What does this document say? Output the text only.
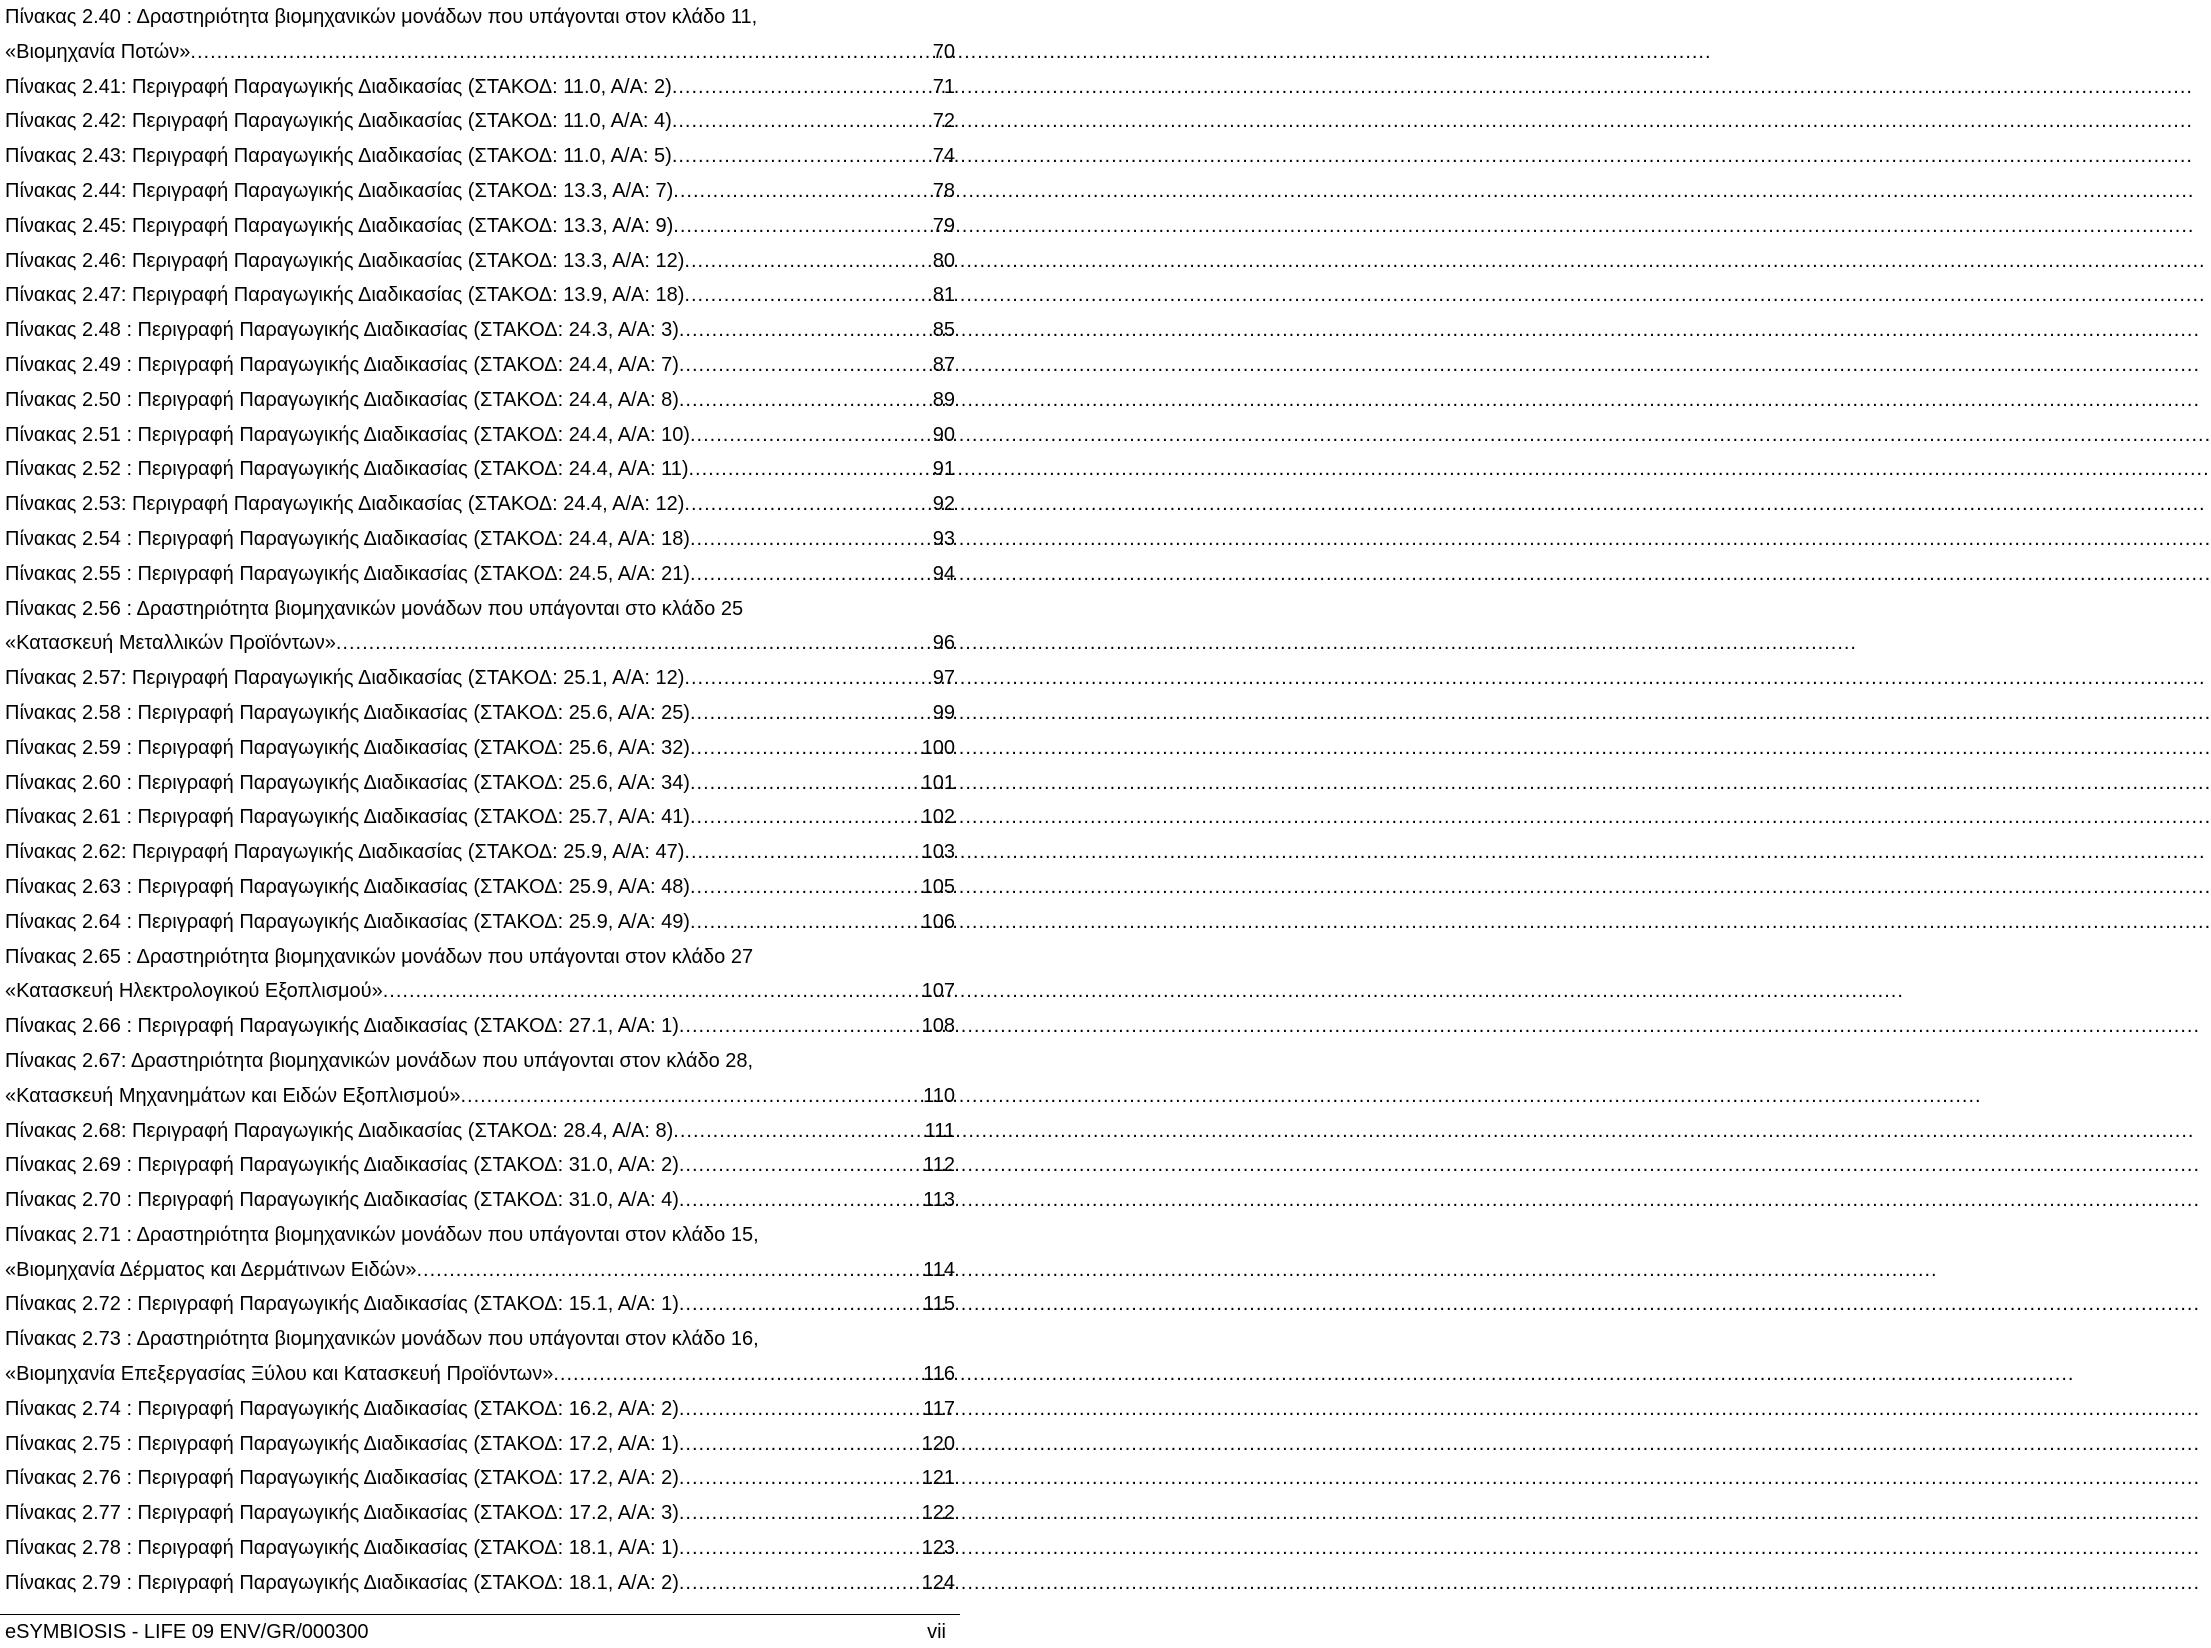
Πίνακας 2.40 : Δραστηριότητα βιομηχανικών μονάδων που υπάγονται στον κλάδο 11,
«Βιομηχανία Ποτών» .....	70
Πίνακας 2.41: Περιγραφή Παραγωγικής Διαδικασίας (ΣΤΑΚΟΔ: 11.0, Α/Α: 2) .....	71
Πίνακας 2.42: Περιγραφή Παραγωγικής Διαδικασίας (ΣΤΑΚΟΔ: 11.0, Α/Α: 4) .....	72
Πίνακας 2.43: Περιγραφή Παραγωγικής Διαδικασίας (ΣΤΑΚΟΔ: 11.0, Α/Α: 5) .....	74
Πίνακας 2.44: Περιγραφή Παραγωγικής Διαδικασίας (ΣΤΑΚΟΔ: 13.3, Α/Α: 7) .....	78
Πίνακας 2.45: Περιγραφή Παραγωγικής Διαδικασίας (ΣΤΑΚΟΔ: 13.3, Α/Α: 9) .....	79
Πίνακας 2.46: Περιγραφή Παραγωγικής Διαδικασίας (ΣΤΑΚΟΔ: 13.3, Α/Α: 12) .....	80
Πίνακας 2.47: Περιγραφή Παραγωγικής Διαδικασίας (ΣΤΑΚΟΔ: 13.9, Α/Α: 18) .....	81
Πίνακας 2.48 : Περιγραφή Παραγωγικής Διαδικασίας (ΣΤΑΚΟΔ: 24.3, Α/Α: 3) .....	85
Πίνακας 2.49 : Περιγραφή Παραγωγικής Διαδικασίας (ΣΤΑΚΟΔ: 24.4, Α/Α: 7) .....	87
Πίνακας 2.50 : Περιγραφή Παραγωγικής Διαδικασίας (ΣΤΑΚΟΔ: 24.4, Α/Α: 8) .....	89
Πίνακας 2.51 : Περιγραφή Παραγωγικής Διαδικασίας (ΣΤΑΚΟΔ: 24.4, Α/Α: 10) .....	90
Πίνακας 2.52 : Περιγραφή Παραγωγικής Διαδικασίας (ΣΤΑΚΟΔ: 24.4, Α/Α: 11) .....	91
Πίνακας 2.53: Περιγραφή Παραγωγικής Διαδικασίας (ΣΤΑΚΟΔ: 24.4, Α/Α: 12) .....	92
Πίνακας 2.54 : Περιγραφή Παραγωγικής Διαδικασίας (ΣΤΑΚΟΔ: 24.4, Α/Α: 18) .....	93
Πίνακας 2.55 : Περιγραφή Παραγωγικής Διαδικασίας (ΣΤΑΚΟΔ: 24.5, Α/Α: 21) .....	94
Πίνακας 2.56 : Δραστηριότητα βιομηχανικών μονάδων που υπάγονται στο κλάδο 25
«Κατασκευή Μεταλλικών Προϊόντων» .....	96
Πίνακας 2.57: Περιγραφή Παραγωγικής Διαδικασίας (ΣΤΑΚΟΔ: 25.1, Α/Α: 12) .....	97
Πίνακας 2.58 : Περιγραφή Παραγωγικής Διαδικασίας (ΣΤΑΚΟΔ: 25.6, Α/Α: 25) .....	99
Πίνακας 2.59 : Περιγραφή Παραγωγικής Διαδικασίας (ΣΤΑΚΟΔ: 25.6, Α/Α: 32) .....	100
Πίνακας 2.60 : Περιγραφή Παραγωγικής Διαδικασίας (ΣΤΑΚΟΔ: 25.6, Α/Α: 34) .....	101
Πίνακας 2.61 : Περιγραφή Παραγωγικής Διαδικασίας (ΣΤΑΚΟΔ: 25.7, Α/Α: 41) .....	102
Πίνακας 2.62: Περιγραφή Παραγωγικής Διαδικασίας (ΣΤΑΚΟΔ: 25.9, Α/Α: 47) .....	103
Πίνακας 2.63 : Περιγραφή Παραγωγικής Διαδικασίας (ΣΤΑΚΟΔ: 25.9, Α/Α: 48) .....	105
Πίνακας 2.64 : Περιγραφή Παραγωγικής Διαδικασίας (ΣΤΑΚΟΔ: 25.9, Α/Α: 49) .....	106
Πίνακας 2.65 : Δραστηριότητα βιομηχανικών μονάδων που υπάγονται στον κλάδο 27
«Κατασκευή Ηλεκτρολογικού Εξοπλισμού» .....	107
Πίνακας 2.66 : Περιγραφή Παραγωγικής Διαδικασίας (ΣΤΑΚΟΔ: 27.1, Α/Α: 1) .....	108
Πίνακας 2.67: Δραστηριότητα βιομηχανικών μονάδων που υπάγονται στον κλάδο 28,
«Κατασκευή Μηχανημάτων και Ειδών Εξοπλισμού» .....	110
Πίνακας 2.68: Περιγραφή Παραγωγικής Διαδικασίας (ΣΤΑΚΟΔ: 28.4, Α/Α: 8) .....	111
Πίνακας 2.69 : Περιγραφή Παραγωγικής Διαδικασίας (ΣΤΑΚΟΔ: 31.0, Α/Α: 2) .....	112
Πίνακας 2.70 : Περιγραφή Παραγωγικής Διαδικασίας (ΣΤΑΚΟΔ: 31.0, Α/Α: 4) .....	113
Πίνακας 2.71 : Δραστηριότητα βιομηχανικών μονάδων που υπάγονται στον κλάδο 15,
«Βιομηχανία Δέρματος και Δερμάτινων Ειδών» .....	114
Πίνακας 2.72 : Περιγραφή Παραγωγικής Διαδικασίας (ΣΤΑΚΟΔ: 15.1, Α/Α: 1) .....	115
Πίνακας 2.73 : Δραστηριότητα βιομηχανικών μονάδων που υπάγονται στον κλάδο 16,
«Βιομηχανία Επεξεργασίας Ξύλου και Κατασκευή Προϊόντων» .....	116
Πίνακας 2.74 : Περιγραφή Παραγωγικής Διαδικασίας (ΣΤΑΚΟΔ: 16.2, Α/Α: 2) .....	117
Πίνακας 2.75 : Περιγραφή Παραγωγικής Διαδικασίας (ΣΤΑΚΟΔ: 17.2, Α/Α: 1) .....	120
Πίνακας 2.76 : Περιγραφή Παραγωγικής Διαδικασίας (ΣΤΑΚΟΔ: 17.2, Α/Α: 2) .....	121
Πίνακας 2.77 : Περιγραφή Παραγωγικής Διαδικασίας (ΣΤΑΚΟΔ: 17.2, Α/Α: 3) .....	122
Πίνακας 2.78 : Περιγραφή Παραγωγικής Διαδικασίας (ΣΤΑΚΟΔ: 18.1, Α/Α: 1) .....	123
Πίνακας 2.79 : Περιγραφή Παραγωγικής Διαδικασίας (ΣΤΑΚΟΔ: 18.1, Α/Α: 2) .....	124
eSYMBIOSIS - LIFE 09 ENV/GR/000300	vii
